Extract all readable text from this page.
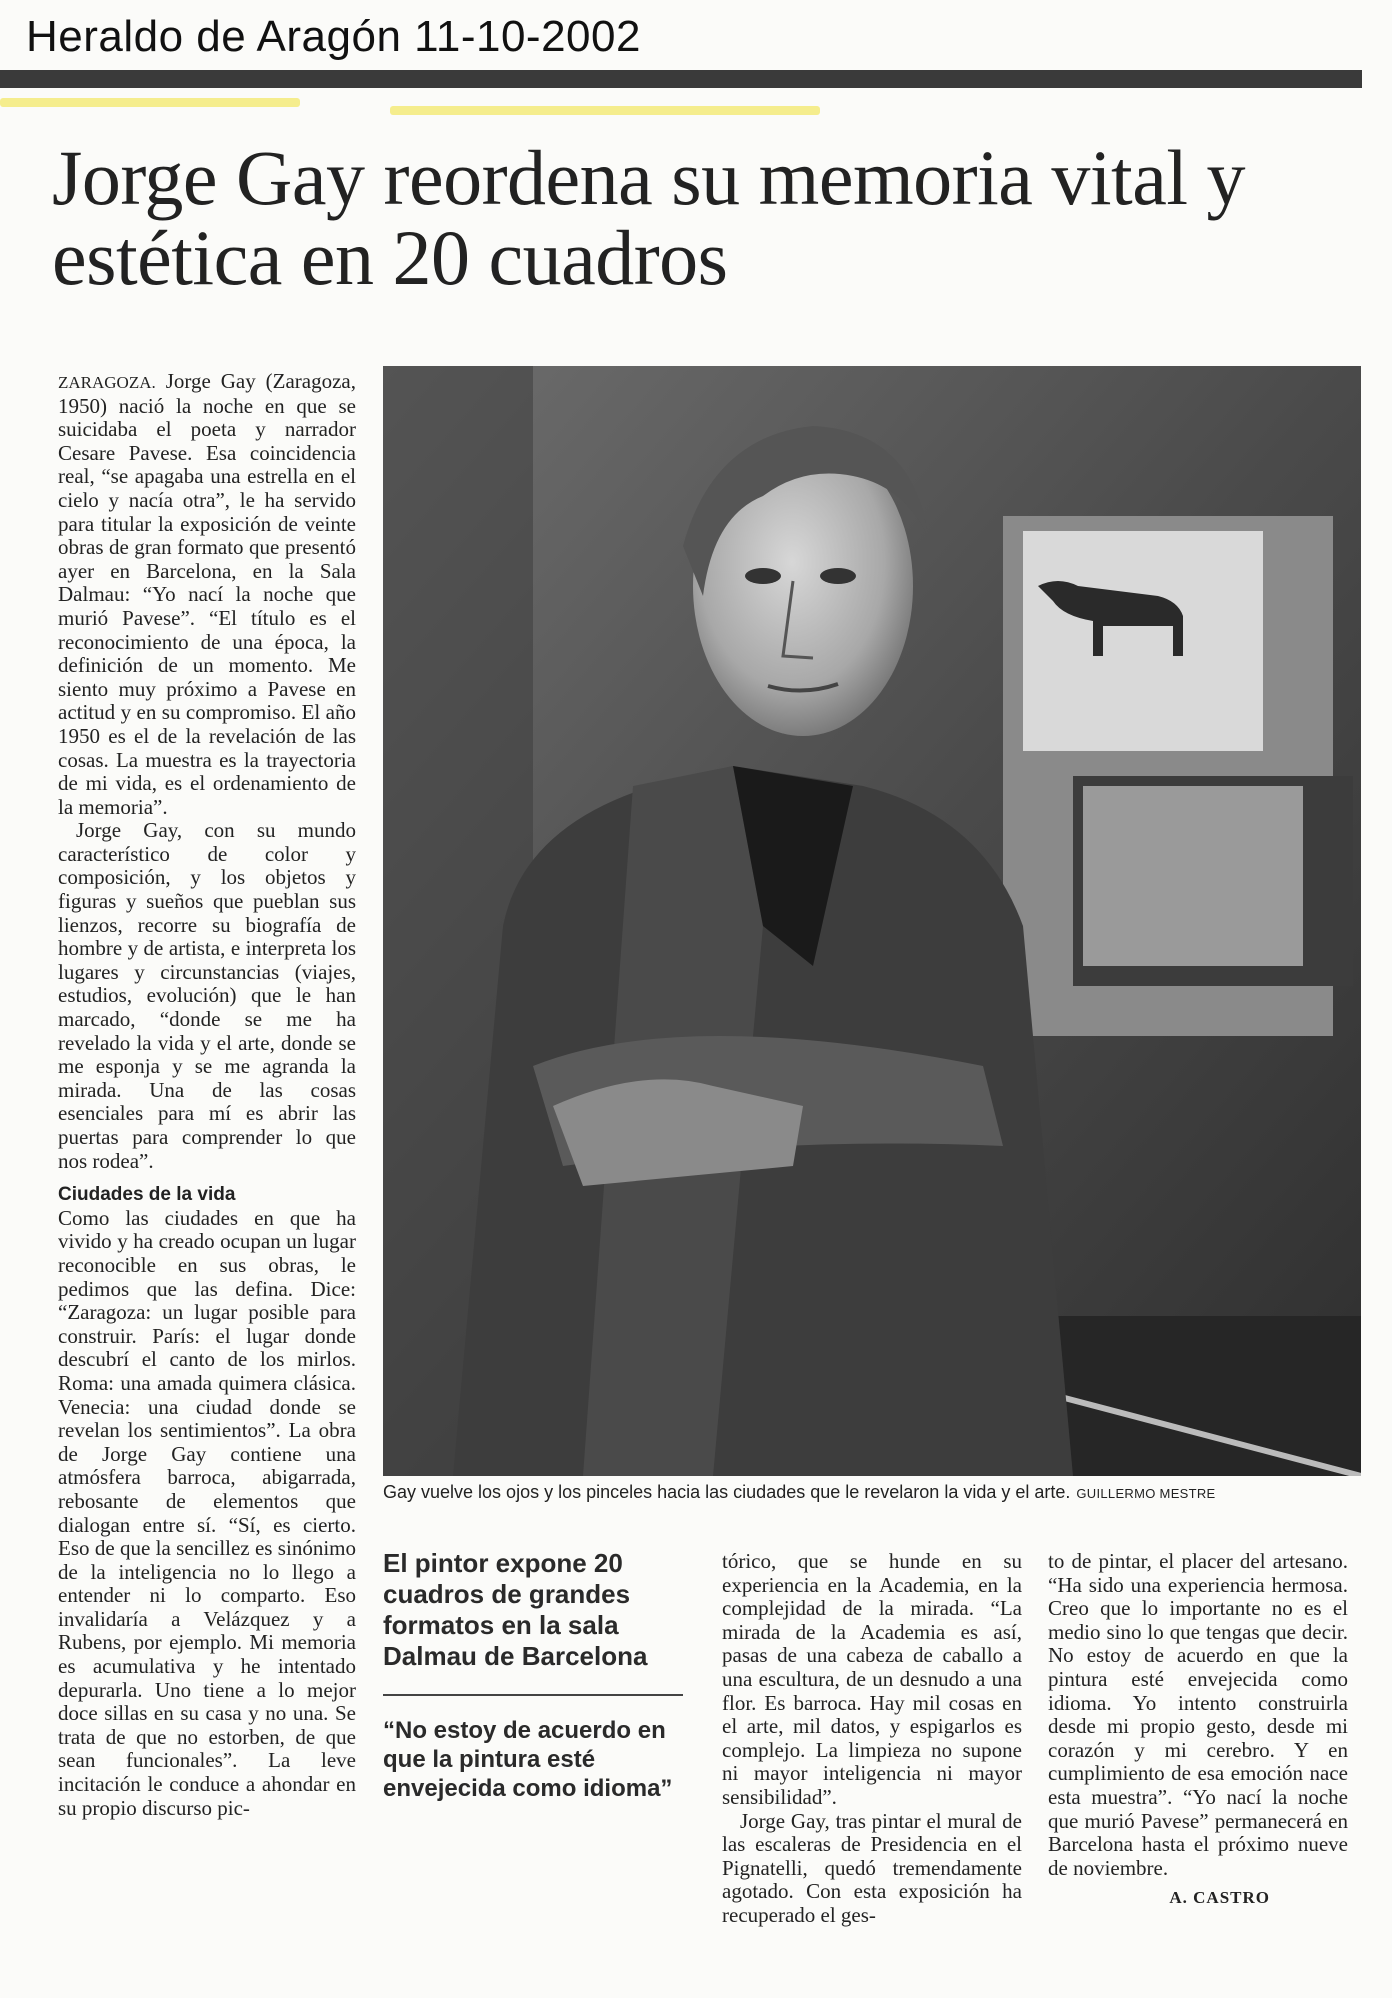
Heraldo de Aragón 11-10-2002
Jorge Gay reordena su memoria vital y estética en 20 cuadros

ZARAGOZA. Jorge Gay (Zaragoza, 1950) nació la noche en que se suicidaba el poeta y narrador Cesare Pavese. Esa coincidencia real, “se apagaba una estrella en el cielo y nacía otra”, le ha servido para titular la exposición de veinte obras de gran formato que presentó ayer en Barcelona, en la Sala Dalmau: “Yo nací la noche que murió Pavese”. “El título es el reconocimiento de una época, la definición de un momento. Me siento muy próximo a Pavese en actitud y en su compromiso. El año 1950 es el de la revelación de las cosas. La muestra es la trayectoria de mi vida, es el ordenamiento de la memoria”.

Jorge Gay, con su mundo característico de color y composición, y los objetos y figuras y sueños que pueblan sus lienzos, recorre su biografía de hombre y de artista, e interpreta los lugares y circunstancias (viajes, estudios, evolución) que le han marcado, “donde se me ha revelado la vida y el arte, donde se me esponja y se me agranda la mirada. Una de las cosas esenciales para mí es abrir las puertas para comprender lo que nos rodea”.

Ciudades de la vida

Como las ciudades en que ha vivido y ha creado ocupan un lugar reconocible en sus obras, le pedimos que las defina. Dice: “Zaragoza: un lugar posible para construir. París: el lugar donde descubrí el canto de los mirlos. Roma: una amada quimera clásica. Venecia: una ciudad donde se revelan los sentimientos”. La obra de Jorge Gay contiene una atmósfera barroca, abigarrada, rebosante de elementos que dialogan entre sí. “Sí, es cierto. Eso de que la sencillez es sinónimo de la inteligencia no lo llego a entender ni lo comparto. Eso invalidaría a Velázquez y a Rubens, por ejemplo. Mi memoria es acumulativa y he intentado depurarla. Uno tiene a lo mejor doce sillas en su casa y no una. Se trata de que no estorben, de que sean funcionales”. La leve incitación le conduce a ahondar en su propio discurso pic-

Gay vuelve los ojos y los pinceles hacia las ciudades que le revelaron la vida y el arte. GUILLERMO MESTRE

El pintor expone 20 cuadros de grandes formatos en la sala Dalmau de Barcelona

“No estoy de acuerdo en que la pintura esté envejecida como idioma”

tórico, que se hunde en su experiencia en la Academia, en la complejidad de la mirada. “La mirada de la Academia es así, pasas de una cabeza de caballo a una escultura, de un desnudo a una flor. Es barroca. Hay mil cosas en el arte, mil datos, y espigarlos es complejo. La limpieza no supone ni mayor inteligencia ni mayor sensibilidad”.

Jorge Gay, tras pintar el mural de las escaleras de Presidencia en el Pignatelli, quedó tremendamente agotado. Con esta exposición ha recuperado el ges-

to de pintar, el placer del artesano. “Ha sido una experiencia hermosa. Creo que lo importante no es el medio sino lo que tengas que decir. No estoy de acuerdo en que la pintura esté envejecida como idioma. Yo intento construirla desde mi propio gesto, desde mi corazón y mi cerebro. Y en cumplimiento de esa emoción nace esta muestra”. “Yo nací la noche que murió Pavese” permanecerá en Barcelona hasta el próximo nueve de noviembre.

A. CASTRO
